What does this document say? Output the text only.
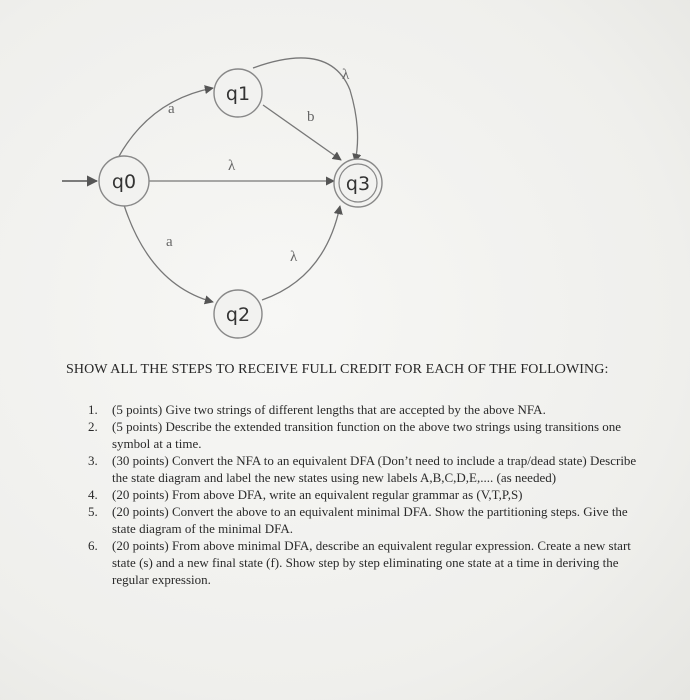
q1
q0	q3
q2
a
λ
a
b
λ
λ

SHOW ALL THE STEPS TO RECEIVE FULL CREDIT FOR EACH OF THE FOLLOWING:

1. (5 points) Give two strings of different lengths that are accepted by the above NFA.
2. (5 points) Describe the extended transition function on the above two strings using transitions one symbol at a time.
3. (30 points) Convert the NFA to an equivalent DFA (Don’t need to include a trap/dead state) Describe the state diagram and label the new states using new labels A,B,C,D,E,.... (as needed)
4. (20 points) From above DFA, write an equivalent regular grammar as (V,T,P,S)
5. (20 points) Convert the above to an equivalent minimal DFA. Show the partitioning steps. Give the state diagram of the minimal DFA.
6. (20 points) From above minimal DFA, describe an equivalent regular expression. Create a new start state (s) and a new final state (f). Show step by step eliminating one state at a time in deriving the regular expression.
